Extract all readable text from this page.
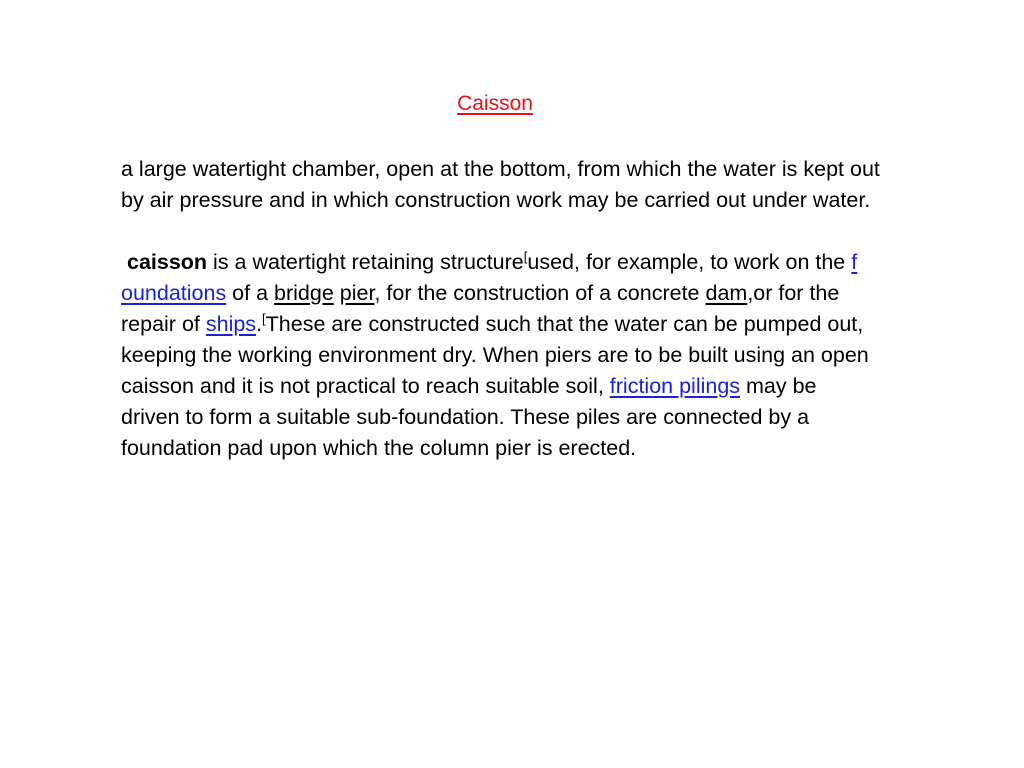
Caisson

a large watertight chamber, open at the bottom, from which the water is kept out by air pressure and in which construction work may be carried out under water.

caisson is a watertight retaining structure[used, for example, to work on the f oundations of a bridge pier, for the construction of a concrete dam,or for the repair of ships.[These are constructed such that the water can be pumped out, keeping the working environment dry. When piers are to be built using an open caisson and it is not practical to reach suitable soil, friction pilings may be driven to form a suitable sub-foundation. These piles are connected by a foundation pad upon which the column pier is erected.
